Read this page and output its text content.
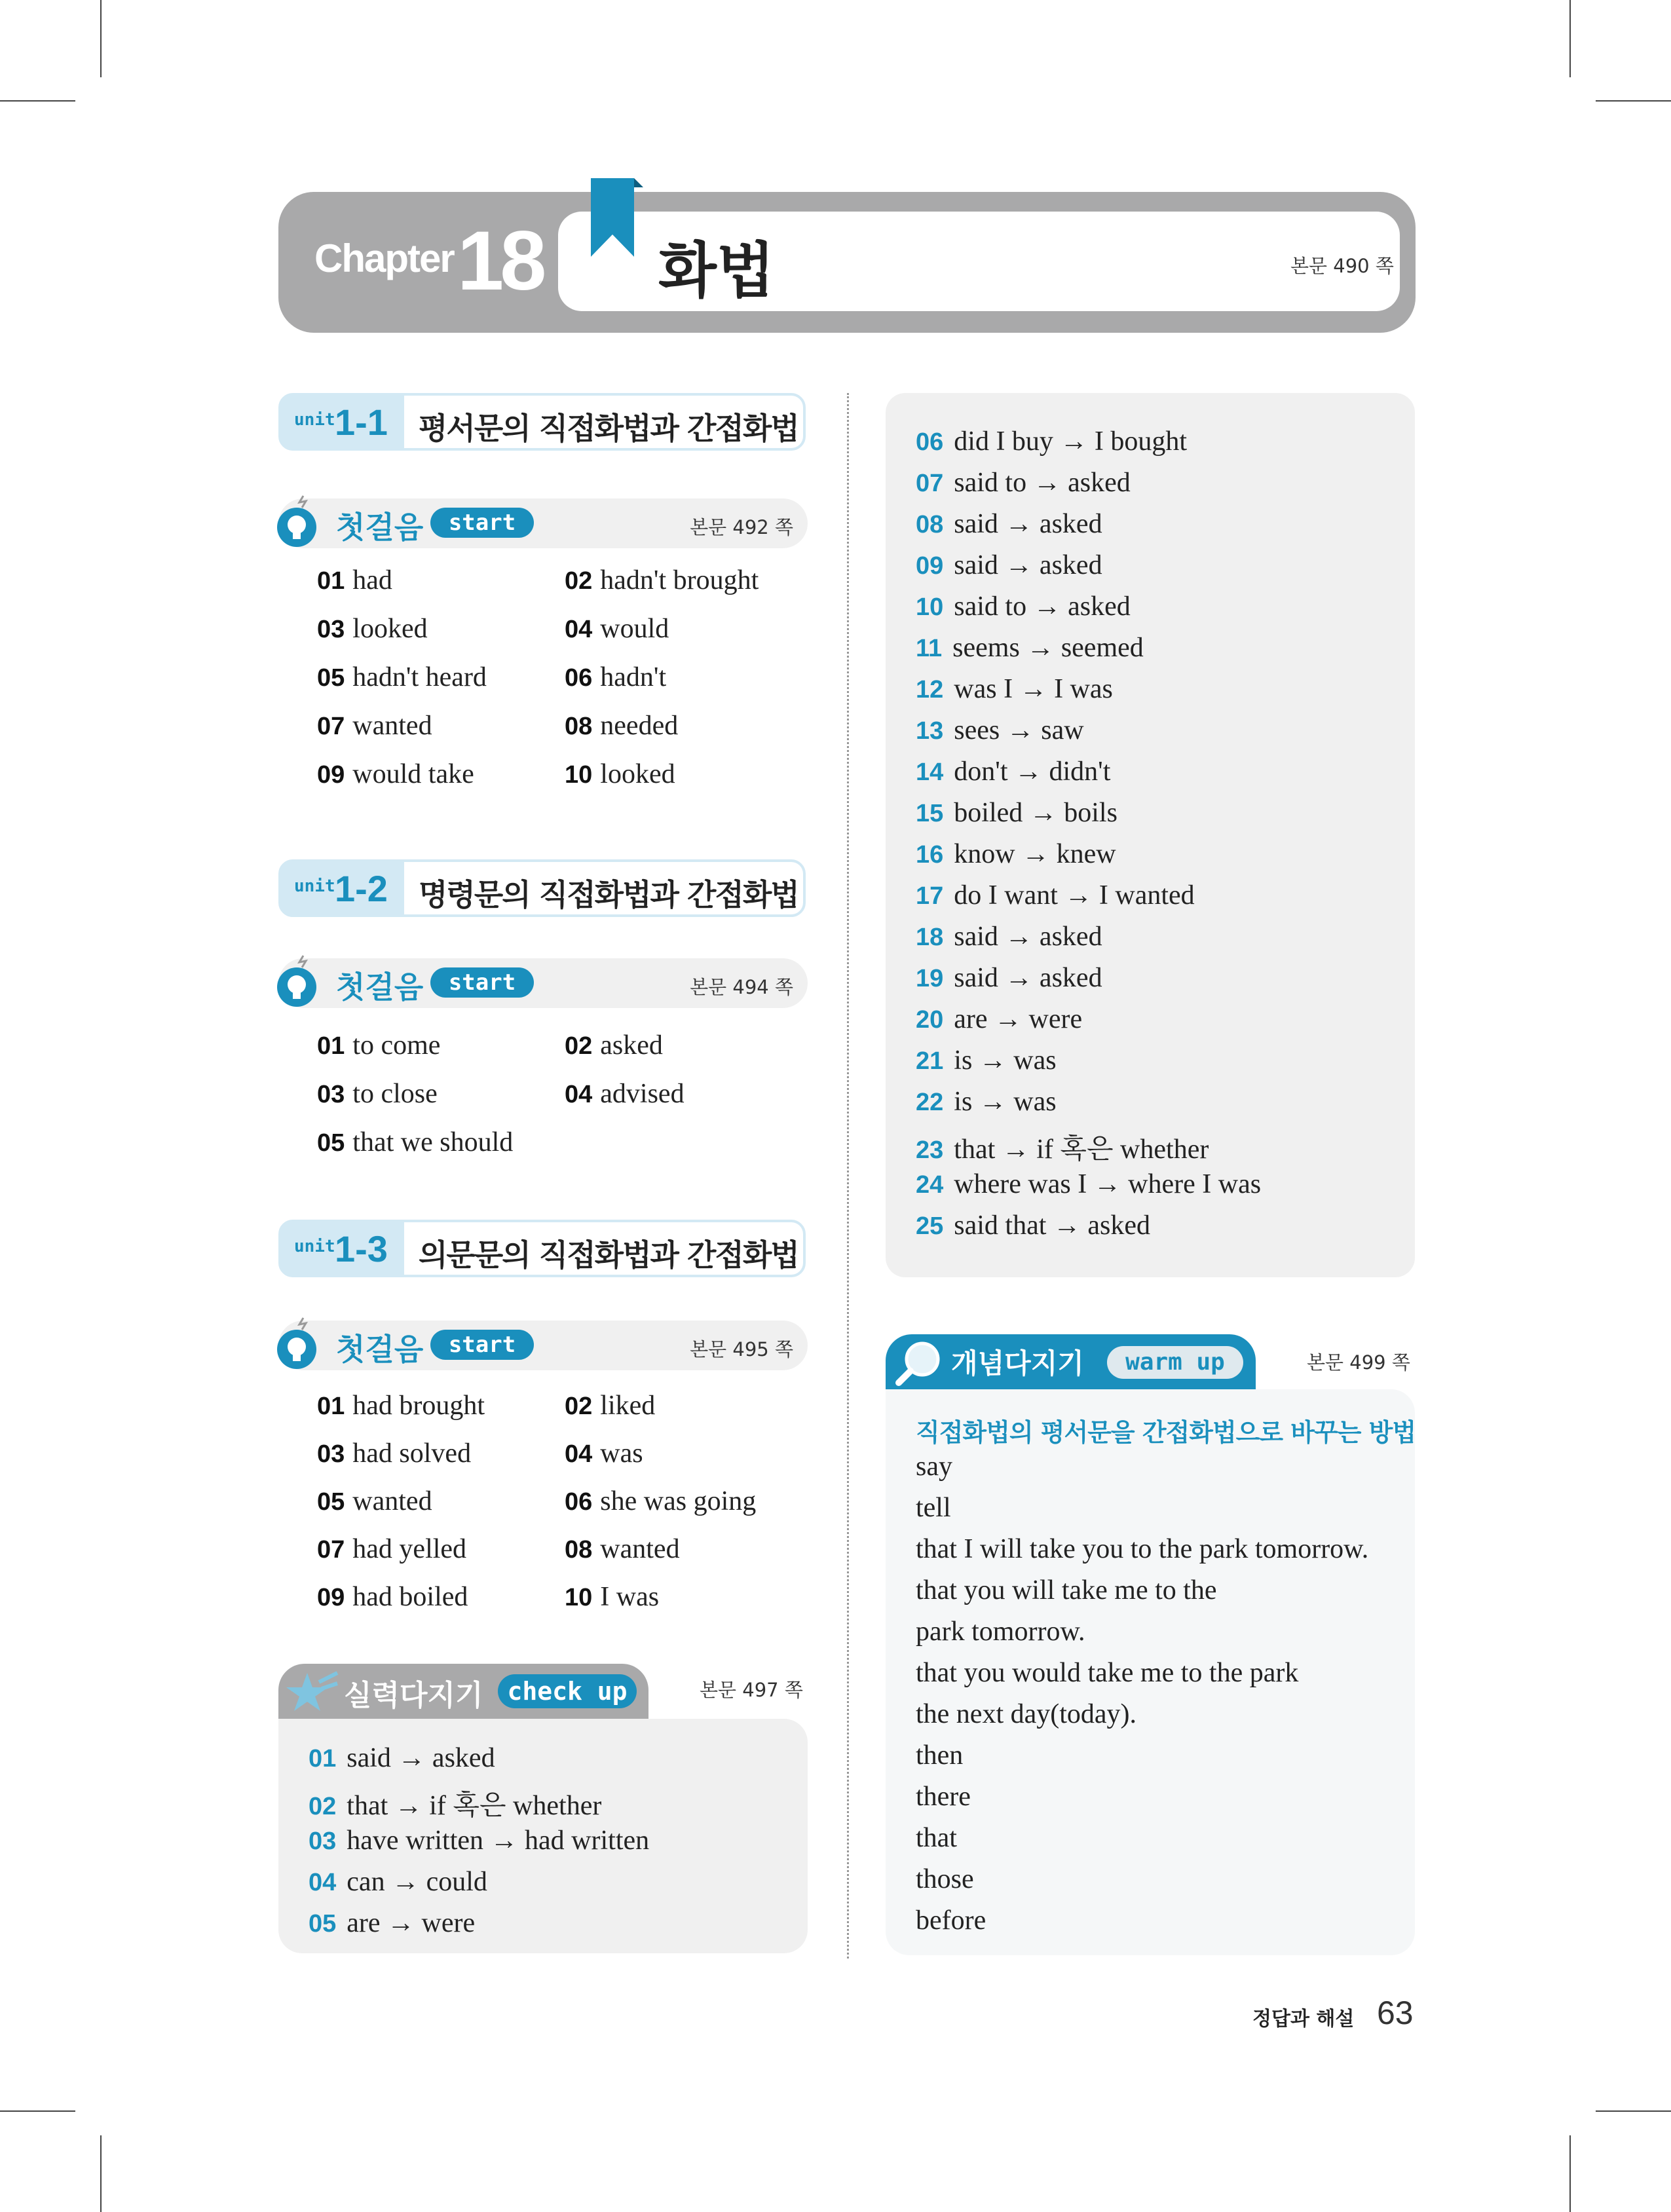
Chapter 18 화법	본문 490 쪽
unit 1-1 평서문의 직접화법과 간접화법
첫걸음	start	본문 492 쪽
01 had	02 hadn't brought
03 looked	04 would
05 hadn't heard	06 hadn't
07 wanted	08 needed
09 would take	10 looked
unit 1-2 명령문의 직접화법과 간접화법
첫걸음	start	본문 494 쪽
01 to come	02 asked
03 to close	04 advised
05 that we should
unit 1-3 의문문의 직접화법과 간접화법
첫걸음	start	본문 495 쪽
01 had brought	02 liked
03 had solved	04 was
05 wanted	06 she was going
07 had yelled	08 wanted
09 had boiled	10 I was
실력다지기 check up	본문 497 쪽
01 said → asked
02 that → if 혹은 whether
03 have written → had written
04 can → could
05 are → were
06 did I buy → I bought
07 said to → asked
08 said → asked
09 said → asked
10 said to → asked
11 seems → seemed
12 was I → I was
13 sees → saw
14 don't → didn't
15 boiled → boils
16 know → knew
17 do I want → I wanted
18 said → asked
19 said → asked
20 are → were
21 is → was
22 is → was
23 that → if 혹은 whether
24 where was I → where I was
25 said that → asked
개념다지기	warm up	본문 499 쪽
직접화법의 평서문을 간접화법으로 바꾸는 방법
say
tell
that I will take you to the park tomorrow.
that you will take me to the
park tomorrow.
that you would take me to the park
the next day(today).
then
there
that
those
before
정답과 해설 63
